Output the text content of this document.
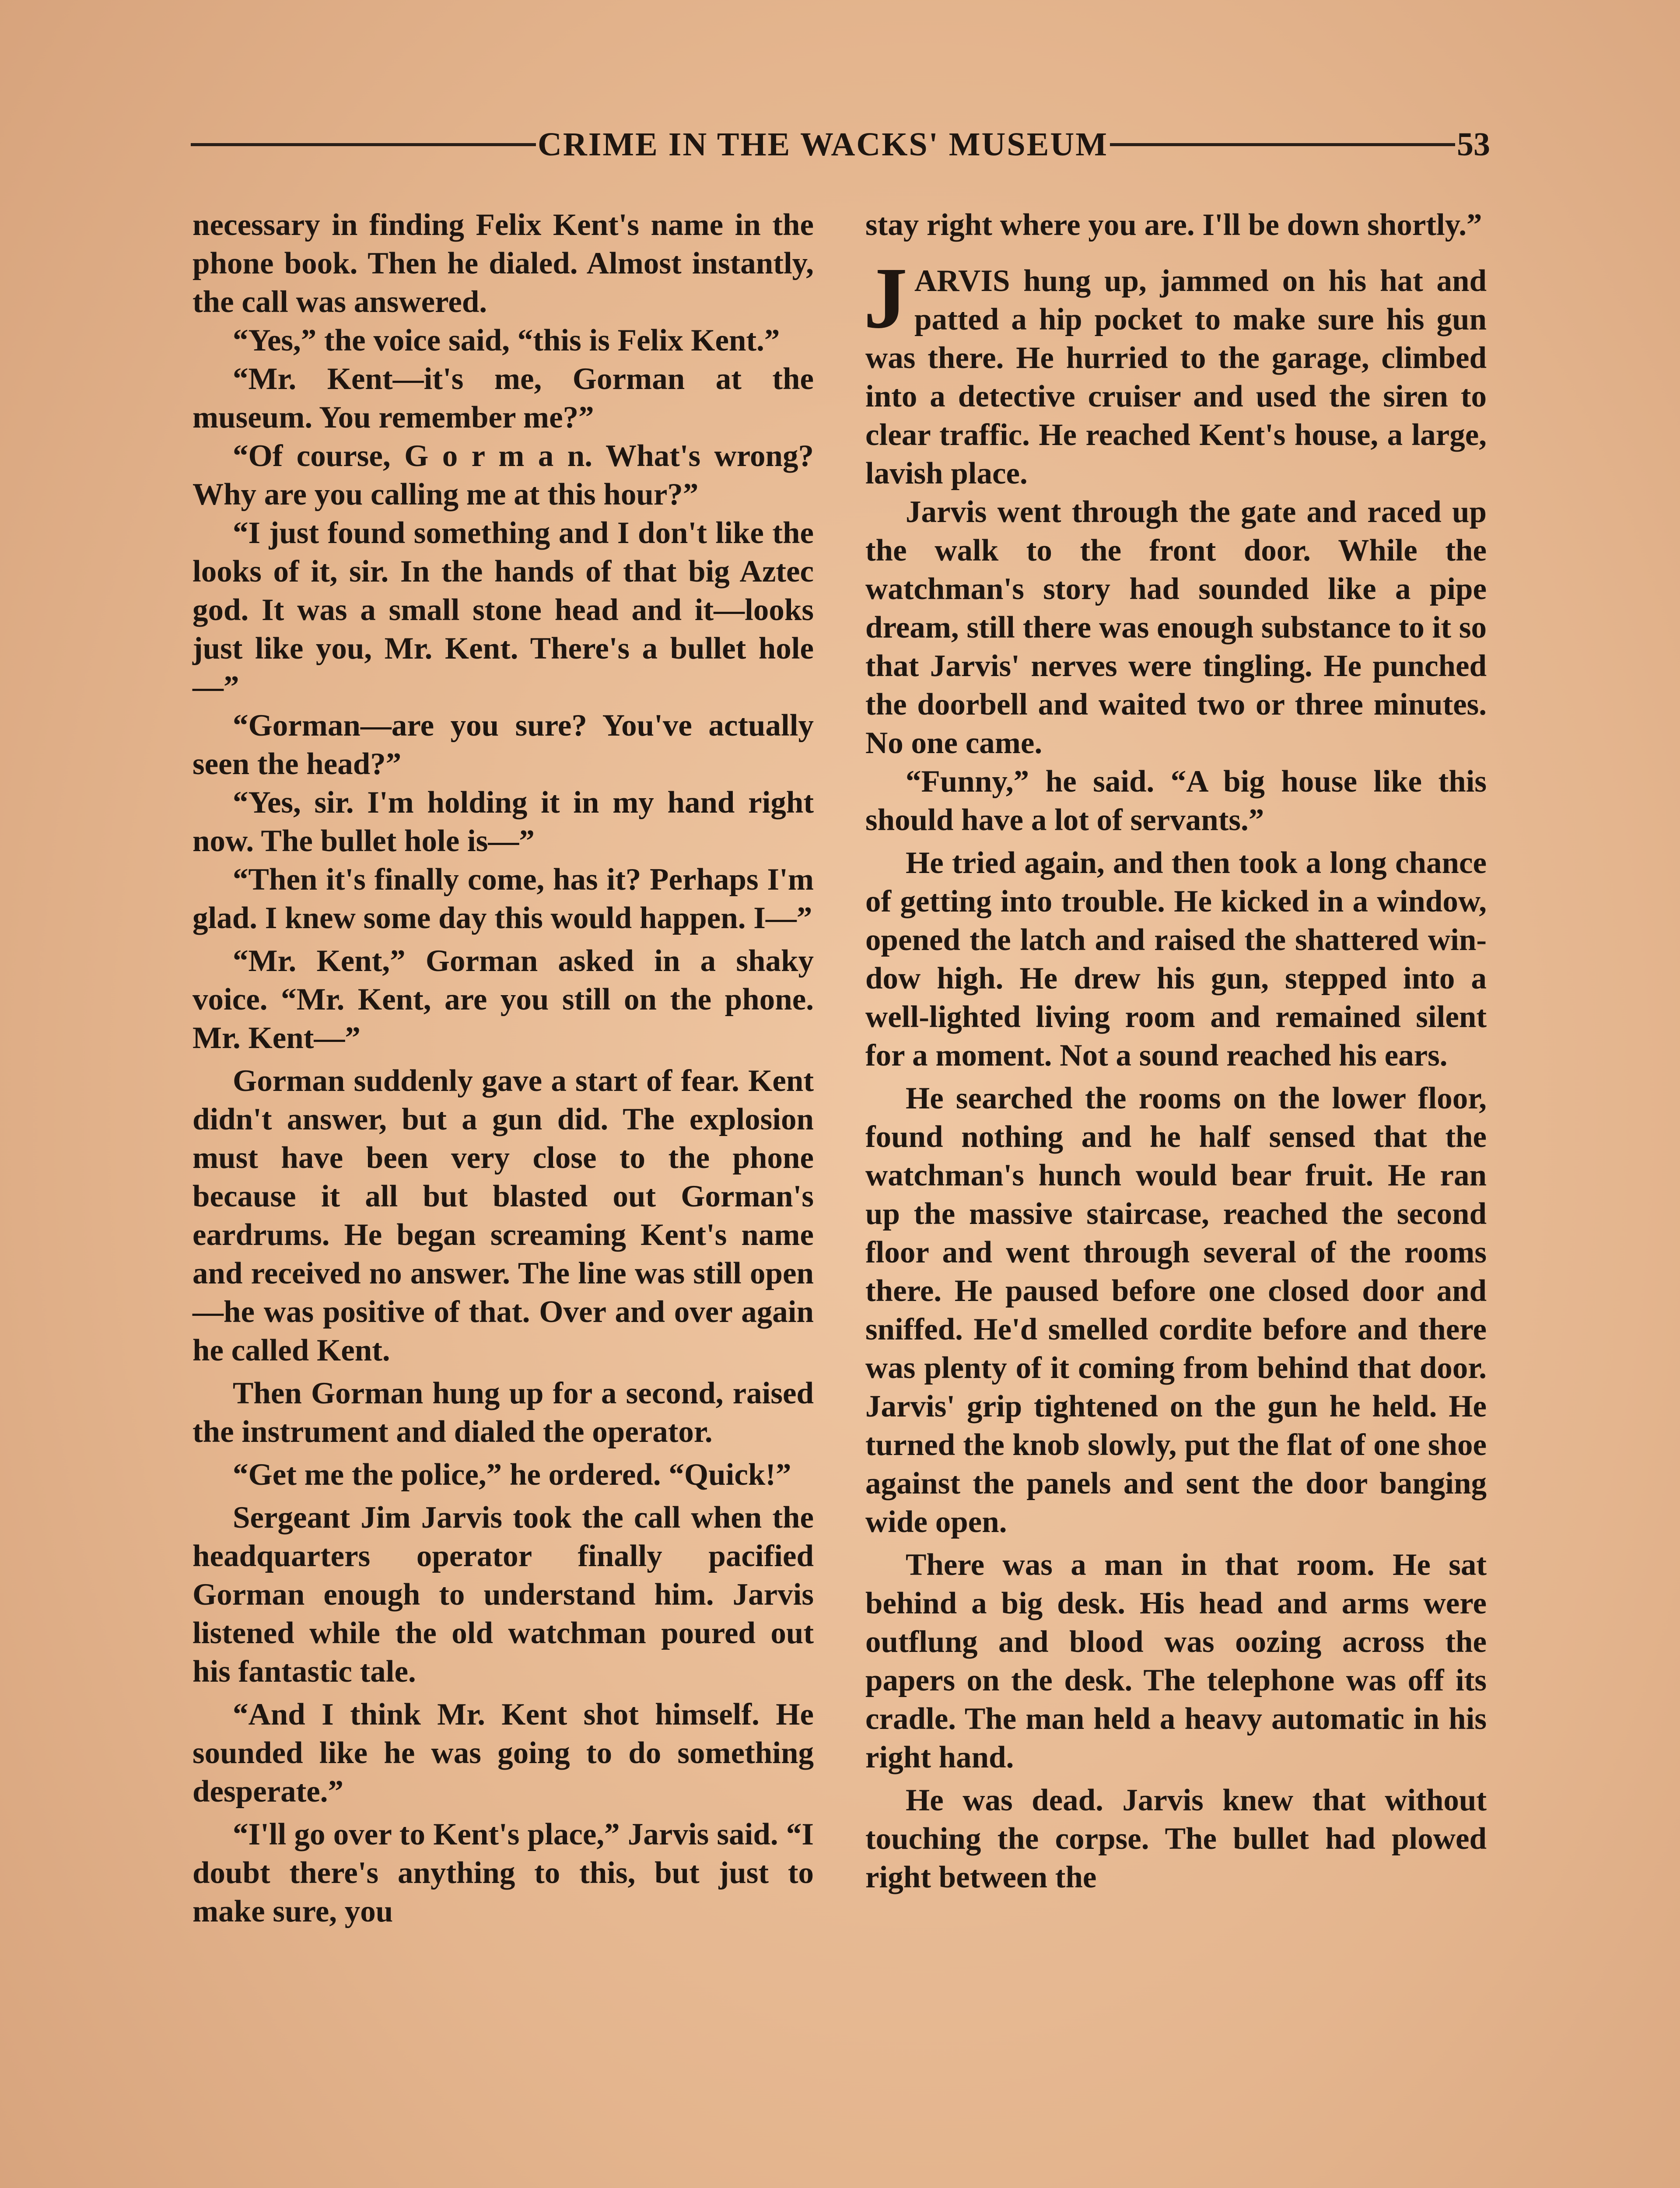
CRIME IN THE WACKS' MUSEUM	53

necessary in finding Felix Kent's name in the phone book. Then he dialed. Almost instantly, the call was answered.

“Yes,” the voice said, “this is Felix Kent.”

“Mr. Kent—it's me, Gorman at the museum. You remember me?”

“Of course, G o r m a n. What's wrong? Why are you calling me at this hour?”

“I just found something and I don't like the looks of it, sir. In the hands of that big Aztec god. It was a small stone head and it—looks just like you, Mr. Kent. There's a bullet hole—”

“Gorman—are you sure? You've actually seen the head?”

“Yes, sir. I'm holding it in my hand right now. The bullet hole is—”

“Then it's finally come, has it? Perhaps I'm glad. I knew some day this would happen. I—”

“Mr. Kent,” Gorman asked in a shaky voice. “Mr. Kent, are you still on the phone. Mr. Kent—”

Gorman suddenly gave a start of fear. Kent didn't answer, but a gun did. The explosion must have been very close to the phone because it all but blasted out Gorman's eardrums. He began screaming Kent's name and received no answer. The line was still open—he was positive of that. Over and over again he called Kent.

Then Gorman hung up for a second, raised the instrument and dialed the operator.

“Get me the police,” he ordered. “Quick!”

Sergeant Jim Jarvis took the call when the headquarters operator finally pacified Gorman enough to understand him. Jarvis listened while the old watchman poured out his fantastic tale.

“And I think Mr. Kent shot himself. He sounded like he was going to do something desperate.”

“I'll go over to Kent's place,” Jarvis said. “I doubt there's anything to this, but just to make sure, you

stay right where you are. I'll be down shortly.”

JARVIS hung up, jammed on his hat and patted a hip pocket to make sure his gun was there. He hurried to the garage, climbed into a detective cruiser and used the siren to clear traffic. He reached Kent's house, a large, lavish place.

Jarvis went through the gate and raced up the walk to the front door. While the watchman's story had sounded like a pipe dream, still there was enough substance to it so that Jarvis' nerves were tingling. He punched the doorbell and waited two or three minutes. No one came.

“Funny,” he said. “A big house like this should have a lot of servants.”

He tried again, and then took a long chance of getting into trouble. He kicked in a window, opened the latch and raised the shattered window high. He drew his gun, stepped into a well-lighted living room and remained silent for a moment. Not a sound reached his ears.

He searched the rooms on the lower floor, found nothing and he half sensed that the watchman's hunch would bear fruit. He ran up the massive staircase, reached the second floor and went through several of the rooms there. He paused before one closed door and sniffed. He'd smelled cordite before and there was plenty of it coming from behind that door. Jarvis' grip tightened on the gun he held. He turned the knob slowly, put the flat of one shoe against the panels and sent the door banging wide open.

There was a man in that room. He sat behind a big desk. His head and arms were outflung and blood was oozing across the papers on the desk. The telephone was off its cradle. The man held a heavy automatic in his right hand.

He was dead. Jarvis knew that without touching the corpse. The bullet had plowed right between the
